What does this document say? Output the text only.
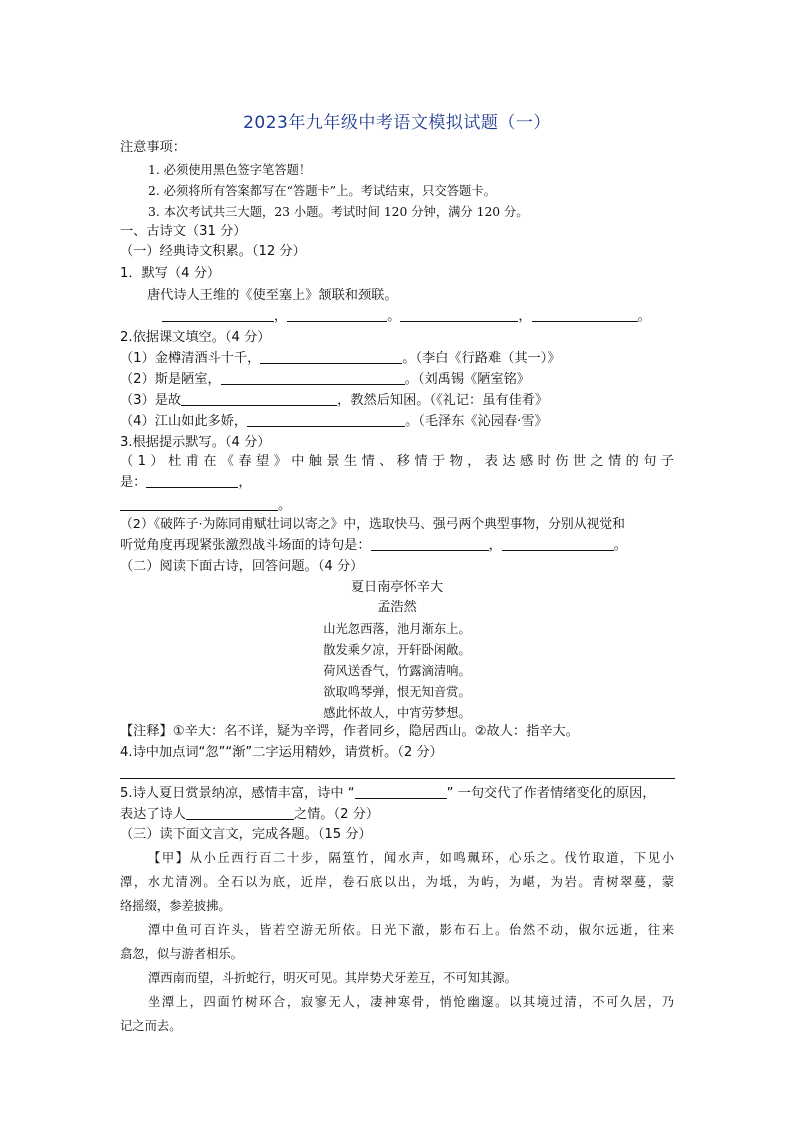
2023年九年级中考语文模拟试题（一）
注意事项：
1. 必须使用黑色签字笔答题！
2. 必须将所有答案都写在“答题卡”上。考试结束，只交答题卡。
3. 本次考试共三大题，23 小题。考试时间 120 分钟，满分 120 分。
一、古诗文（31 分）
（一）经典诗文积累。（12 分）
1．默写（4 分）
唐代诗人王维的《使至塞上》颔联和颈联。
，	。	，	。
2.依据课文填空。（4 分）
（1）金樽清酒斗十千，	。（李白《行路难（其一）》
（2）斯是陋室，	。（刘禹锡《陋室铭》
（3）是故	，教然后知困。（《礼记：虽有佳肴》
（4）江山如此多娇，	。（毛泽东《沁园春·雪》
3.根据提示默写。（4 分）
（1）杜甫在《春望》中触景生情、移情于物，表达感时伤世之情的句子
是：	，
。
（2）《破阵子·为陈同甫赋壮词以寄之》中，选取快马、强弓两个典型事物，分别从视觉和
听觉角度再现紧张激烈战斗场面的诗句是：	，	。
（二）阅读下面古诗，回答问题。（4 分）
夏日南亭怀辛大
孟浩然
山光忽西落，池月渐东上。
散发乘夕凉，开轩卧闲敞。
荷风送香气，竹露滴清响。
欲取鸣琴弹，恨无知音赏。
感此怀故人，中宵劳梦想。
【注释】①辛大：名不详，疑为辛谔，作者同乡，隐居西山。②故人：指辛大。
4.诗中加点词“忽”“渐”二字运用精妙，请赏析。（2 分）
5.诗人夏日赏景纳凉，感情丰富，诗中 “	” 一句交代了作者情绪变化的原因，
表达了诗人	之情。（2 分）
（三）读下面文言文，完成各题。（15 分）
【甲】从小丘西行百二十步，隔篁竹，闻水声，如鸣珮环，心乐之。伐竹取道，下见小
潭，水尤清冽。全石以为底，近岸，卷石底以出，为坻，为屿，为嵁，为岩。青树翠蔓，蒙
络摇缀，参差披拂。
潭中鱼可百许头，皆若空游无所依。日光下澈，影布石上。佁然不动，俶尔远逝，往来
翕忽，似与游者相乐。
潭西南而望，斗折蛇行，明灭可见。其岸势犬牙差互，不可知其源。
坐潭上，四面竹树环合，寂寥无人，凄神寒骨，悄怆幽邃。以其境过清，不可久居，乃
记之而去。
